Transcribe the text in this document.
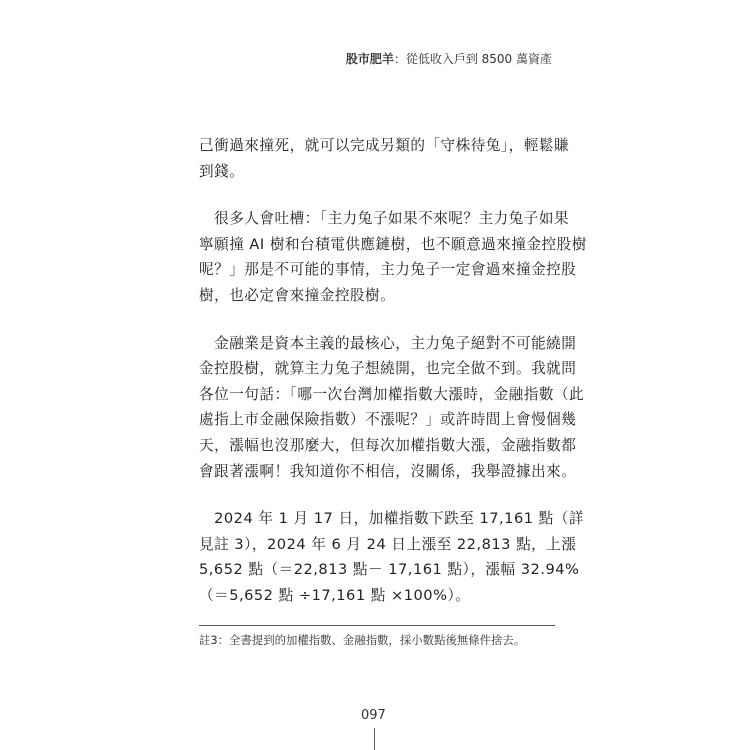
股市肥羊：從低收入戶到 8500 萬資產

己衝過來撞死，就可以完成另類的「守株待兔」，輕鬆賺
到錢。

　很多人會吐槽：「主力兔子如果不來呢？主力兔子如果
寧願撞 AI 樹和台積電供應鏈樹，也不願意過來撞金控股樹
呢？」那是不可能的事情，主力兔子一定會過來撞金控股
樹，也必定會來撞金控股樹。

　金融業是資本主義的最核心，主力兔子絕對不可能繞開
金控股樹，就算主力兔子想繞開，也完全做不到。我就問
各位一句話：「哪一次台灣加權指數大漲時，金融指數（此
處指上市金融保險指數）不漲呢？」或許時間上會慢個幾
天，漲幅也沒那麼大，但每次加權指數大漲，金融指數都
會跟著漲啊！我知道你不相信，沒關係，我舉證據出來。

　2024 年 1 月 17 日，加權指數下跌至 17,161 點（詳
見註 3），2024 年 6 月 24 日上漲至 22,813 點，上漲
5,652 點（＝22,813 點－ 17,161 點），漲幅 32.94%
（＝5,652 點 ÷17,161 點 ×100%）。

註3：全書提到的加權指數、金融指數，採小數點後無條件捨去。
097
